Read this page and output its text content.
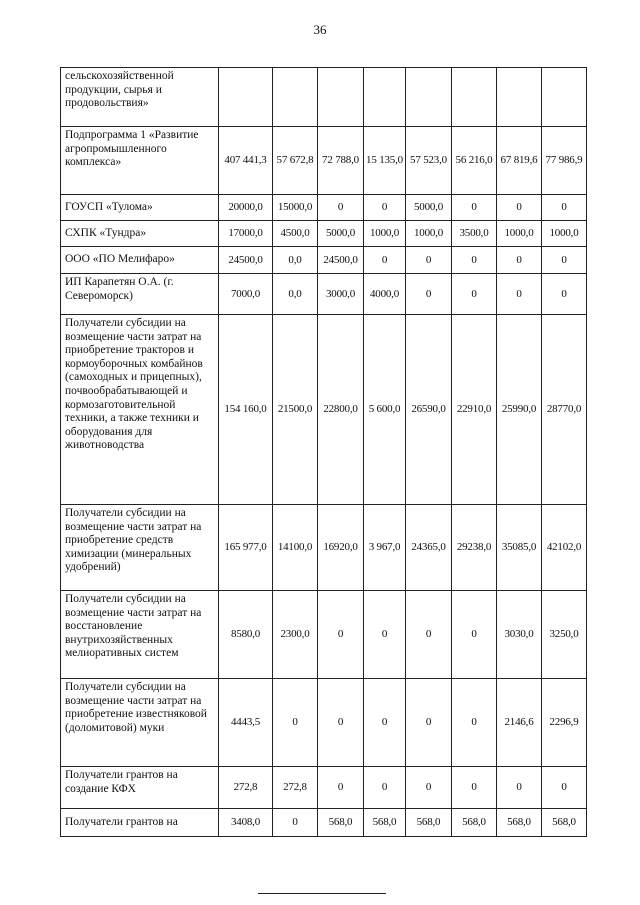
36
сельскохозяйственной продукции, сырья и продовольствия»								
Подпрограмма 1 «Развитие агропромышленного комплекса»	407 441,3	57 672,8	72 788,0	15 135,0	57 523,0	56 216,0	67 819,6	77 986,9
ГОУСП «Тулома»	20000,0	15000,0	0	0	5000,0	0	0	0
СХПК «Тундра»	17000,0	4500,0	5000,0	1000,0	1000,0	3500,0	1000,0	1000,0
ООО «ПО Мелифаро»	24500,0	0,0	24500,0	0	0	0	0	0
ИП Карапетян О.А. (г. Североморск)	7000,0	0,0	3000,0	4000,0	0	0	0	0
Получатели субсидии на возмещение части затрат на приобретение тракторов и кормоуборочных комбайнов (самоходных и прицепных), почвообрабатывающей и кормозаготовительной техники, а также техники и оборудования для животноводства	154 160,0	21500,0	22800,0	5 600,0	26590,0	22910,0	25990,0	28770,0
Получатели субсидии на возмещение части затрат на приобретение средств химизации (минеральных удобрений)	165 977,0	14100,0	16920,0	3 967,0	24365,0	29238,0	35085,0	42102,0
Получатели субсидии на возмещение части затрат на восстановление внутрихозяйственных мелиоративных систем	8580,0	2300,0	0	0	0	0	3030,0	3250,0
Получатели субсидии на возмещение части затрат на приобретение известняковой (доломитовой) муки	4443,5	0	0	0	0	0	2146,6	2296,9
Получатели грантов на создание КФХ	272,8	272,8	0	0	0	0	0	0
Получатели грантов на	3408,0	0	568,0	568,0	568,0	568,0	568,0	568,0
